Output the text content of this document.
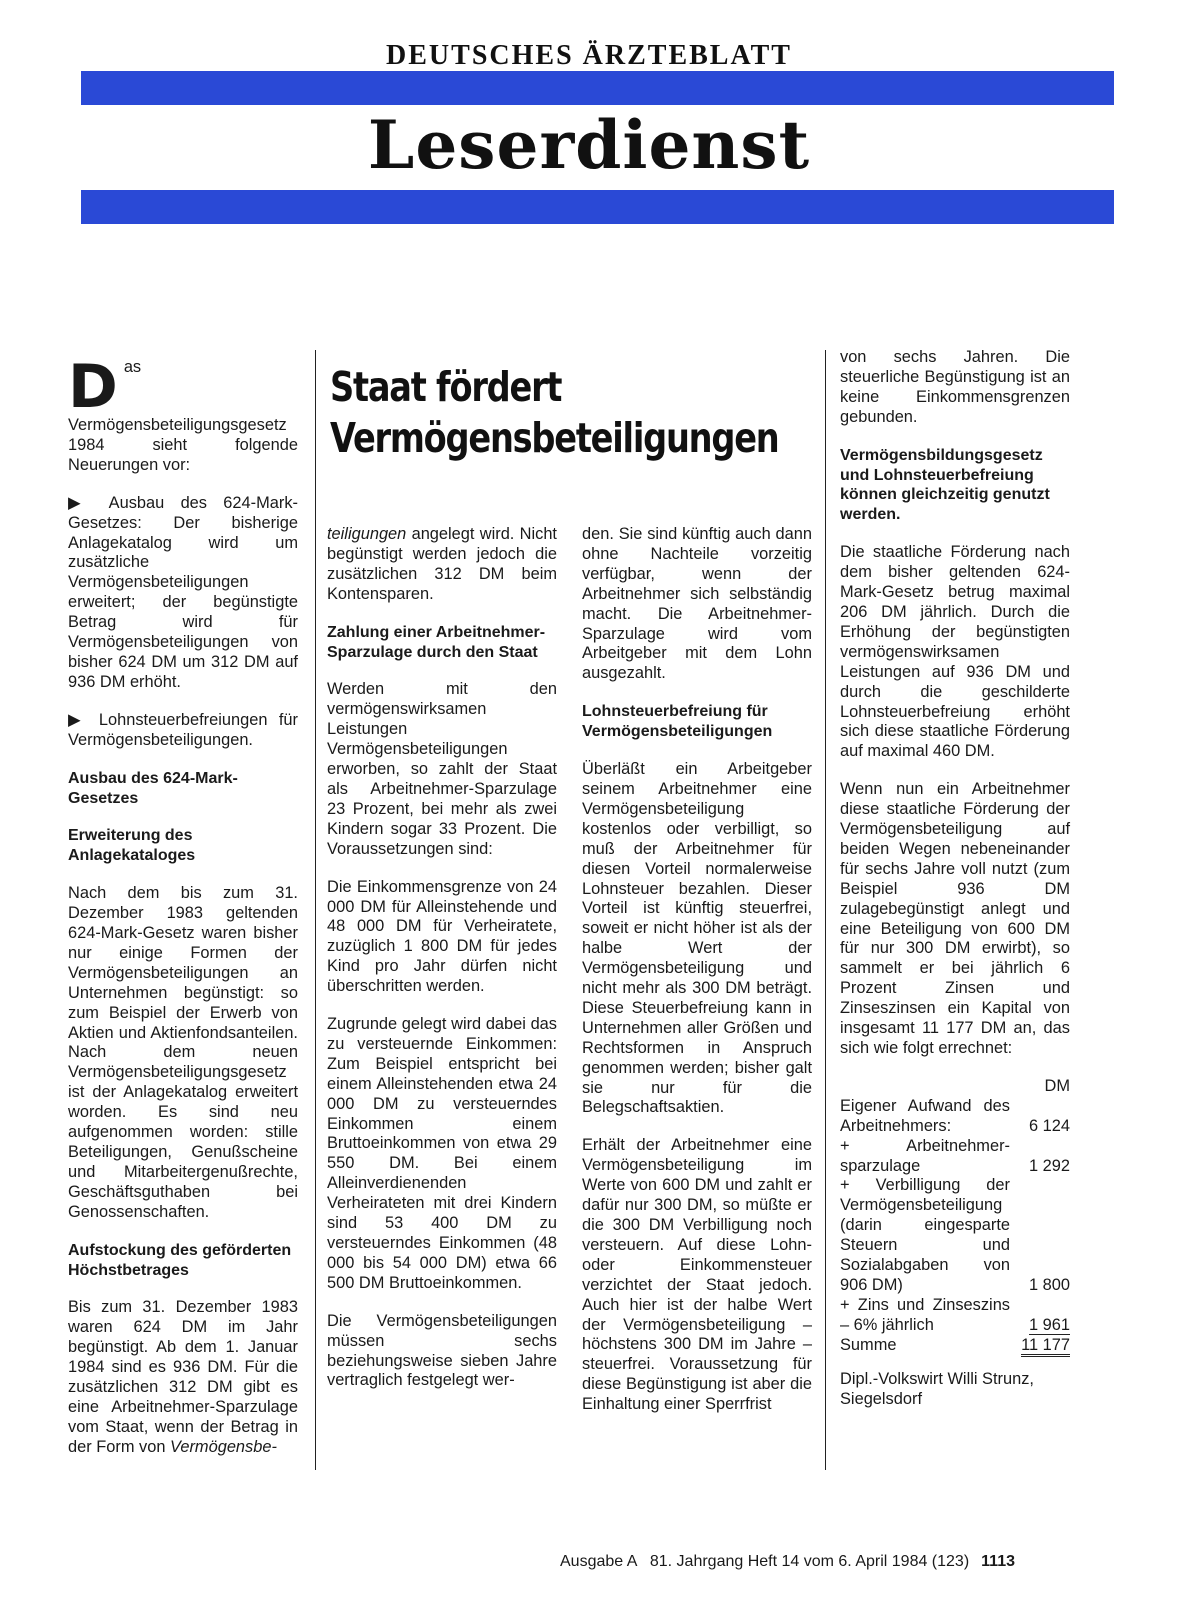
DEUTSCHES ÄRZTEBLATT
Leserdienst

Das Vermögensbeteiligungsgesetz 1984 sieht folgende Neuerungen vor:

▶ Ausbau des 624-Mark-Gesetzes: Der bisherige Anlagekatalog wird um zusätzliche Vermögensbeteiligungen erweitert; der begünstigte Betrag wird für Vermögensbeteiligungen von bisher 624 DM um 312 DM auf 936 DM erhöht.

▶ Lohnsteuerbefreiungen für Vermögensbeteiligungen.

Ausbau des 624-Mark-Gesetzes
Erweiterung des Anlagekataloges

Nach dem bis zum 31. Dezember 1983 geltenden 624-Mark-Gesetz waren bisher nur einige Formen der Vermögensbeteiligungen an Unternehmen begünstigt: so zum Beispiel der Erwerb von Aktien und Aktienfondsanteilen. Nach dem neuen Vermögensbeteiligungsgesetz ist der Anlagekatalog erweitert worden. Es sind neu aufgenommen worden: stille Beteiligungen, Genußscheine und Mitarbeitergenußrechte, Geschäftsguthaben bei Genossenschaften.

Aufstockung des geförderten Höchstbetrages

Bis zum 31. Dezember 1983 waren 624 DM im Jahr begünstigt. Ab dem 1. Januar 1984 sind es 936 DM. Für die zusätzlichen 312 DM gibt es eine Arbeitnehmer-Sparzulage vom Staat, wenn der Betrag in der Form von Vermögensbe-

Staat fördert
Vermögensbeteiligungen

teiligungen angelegt wird. Nicht begünstigt werden jedoch die zusätzlichen 312 DM beim Kontensparen.

Zahlung einer Arbeitnehmer-Sparzulage durch den Staat

Werden mit den vermögenswirksamen Leistungen Vermögensbeteiligungen erworben, so zahlt der Staat als Arbeitnehmer-Sparzulage 23 Prozent, bei mehr als zwei Kindern sogar 33 Prozent. Die Voraussetzungen sind:

Die Einkommensgrenze von 24 000 DM für Alleinstehende und 48 000 DM für Verheiratete, zuzüglich 1 800 DM für jedes Kind pro Jahr dürfen nicht überschritten werden.

Zugrunde gelegt wird dabei das zu versteuernde Einkommen: Zum Beispiel entspricht bei einem Alleinstehenden etwa 24 000 DM zu versteuerndes Einkommen einem Bruttoeinkommen von etwa 29 550 DM. Bei einem Alleinverdienenden Verheirateten mit drei Kindern sind 53 400 DM zu versteuerndes Einkommen (48 000 bis 54 000 DM) etwa 66 500 DM Bruttoeinkommen.

Die Vermögensbeteiligungen müssen sechs beziehungsweise sieben Jahre vertraglich festgelegt wer-

den. Sie sind künftig auch dann ohne Nachteile vorzeitig verfügbar, wenn der Arbeitnehmer sich selbständig macht. Die Arbeitnehmer-Sparzulage wird vom Arbeitgeber mit dem Lohn ausgezahlt.

Lohnsteuerbefreiung für Vermögensbeteiligungen

Überläßt ein Arbeitgeber seinem Arbeitnehmer eine Vermögensbeteiligung kostenlos oder verbilligt, so muß der Arbeitnehmer für diesen Vorteil normalerweise Lohnsteuer bezahlen. Dieser Vorteil ist künftig steuerfrei, soweit er nicht höher ist als der halbe Wert der Vermögensbeteiligung und nicht mehr als 300 DM beträgt. Diese Steuerbefreiung kann in Unternehmen aller Größen und Rechtsformen in Anspruch genommen werden; bisher galt sie nur für die Belegschaftsaktien.

Erhält der Arbeitnehmer eine Vermögensbeteiligung im Werte von 600 DM und zahlt er dafür nur 300 DM, so müßte er die 300 DM Verbilligung noch versteuern. Auf diese Lohn- oder Einkommensteuer verzichtet der Staat jedoch. Auch hier ist der halbe Wert der Vermögensbeteiligung – höchstens 300 DM im Jahre – steuerfrei. Voraussetzung für diese Begünstigung ist aber die Einhaltung einer Sperrfrist

von sechs Jahren. Die steuerliche Begünstigung ist an keine Einkommensgrenzen gebunden.

Vermögensbildungsgesetz und Lohnsteuerbefreiung können gleichzeitig genutzt werden.

Die staatliche Förderung nach dem bisher geltenden 624-Mark-Gesetz betrug maximal 206 DM jährlich. Durch die Erhöhung der begünstigten vermögenswirksamen Leistungen auf 936 DM und durch die geschilderte Lohnsteuerbefreiung erhöht sich diese staatliche Förderung auf maximal 460 DM.

Wenn nun ein Arbeitnehmer diese staatliche Förderung der Vermögensbeteiligung auf beiden Wegen nebeneinander für sechs Jahre voll nutzt (zum Beispiel 936 DM zulagebegünstigt anlegt und eine Beteiligung von 600 DM für nur 300 DM erwirbt), so sammelt er bei jährlich 6 Prozent Zinsen und Zinseszinsen ein Kapital von insgesamt 11 177 DM an, das sich wie folgt errechnet:

	DM
Eigener Aufwand des Arbeitnehmers:	6 124
+ Arbeitnehmer-sparzulage	1 292
+ Verbilligung der Vermögensbeteiligung (darin eingesparte Steuern und Sozialabgaben von 906 DM)	1 800
+ Zins und Zinseszins – 6% jährlich	1 961
Summe	11 177

Dipl.-Volkswirt Willi Strunz, Siegelsdorf

Ausgabe A   81. Jahrgang Heft 14 vom 6. April 1984 (123) 1113
